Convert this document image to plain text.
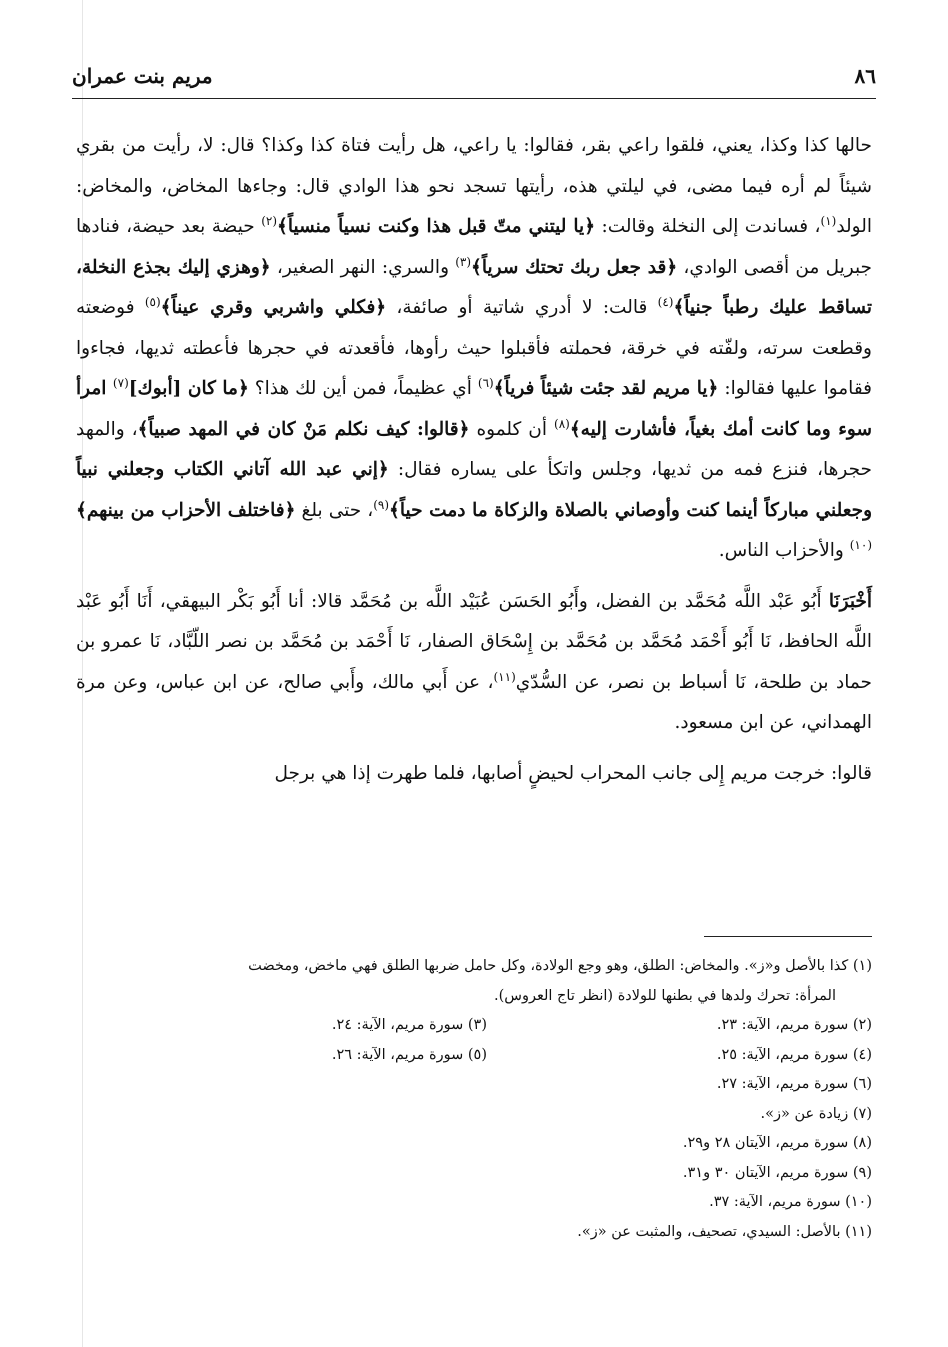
٨٦
مريم بنت عمران

حالها كذا وكذا، يعني، فلقوا راعي بقر، فقالوا: يا راعي، هل رأيت فتاة كذا وكذا؟ قال: لا، رأيت من بقري شيئاً لم أره فيما مضى، في ليلتي هذه، رأيتها تسجد نحو هذا الوادي قال: وجاءها المخاض، والمخاض: الولد$^{(١)}$، فساندت إلى النخلة وقالت: ﴿يا ليتني متّ قبل هذا وكنت نسياً منسياً﴾$^{(٢)}$ حيضة بعد حيضة، فنادها جبريل من أقصى الوادي، ﴿قد جعل ربك تحتك سرياً﴾$^{(٣)}$ والسري: النهر الصغير، ﴿وهزي إليك بجذع النخلة، تساقط عليك رطباً جنياً﴾$^{(٤)}$ قالت: لا أدري شاتية أو صائفة، ﴿فكلي واشربي وقري عيناً﴾$^{(٥)}$ فوضعته وقطعت سرته، ولفّته في خرقة، فحملته فأقبلوا حيث رأوها، فأقعدته في حجرها فأعطته ثديها، فجاءوا فقاموا عليها فقالوا: ﴿يا مريم لقد جئت شيئاً فرياً﴾$^{(٦)}$ أي عظيماً، فمن أين لك هذا؟ ﴿ما كان [أبوك]$^{(٧)}$ امرأ سوء وما كانت أمك بغياً، فأشارت إليه﴾$^{(٨)}$ أن كلموه ﴿قالوا: كيف نكلم مَنْ كان في المهد صبياً﴾، والمهد حجرها، فنزع فمه من ثديها، وجلس واتكأ على يساره فقال: ﴿إني عبد الله آتاني الكتاب وجعلني نبياً وجعلني مباركاً أينما كنت وأوصاني بالصلاة والزكاة ما دمت حياً﴾$^{(٩)}$، حتى بلغ ﴿فاختلف الأحزاب من بينهم﴾$^{(١٠)}$ والأحزاب الناس.

أَخْبَرَنَا أَبُو عَبْد اللَّه مُحَمَّد بن الفضل، وأَبُو الحَسَن عُبَيْد اللَّه بن مُحَمَّد قالا: أنا أَبُو بَكْر البيهقي، أَنَا أَبُو عَبْد اللَّه الحافظ، نَا أَبُو أَحْمَد مُحَمَّد بن مُحَمَّد بن إِسْحَاق الصفار، نَا أَحْمَد بن مُحَمَّد بن نصر اللّبَّاد، نَا عمرو بن حماد بن طلحة، نَا أسباط بن نصر، عن السُّدّي$^{(١١)}$، عن أَبي مالك، وأَبي صالح، عن ابن عباس، وعن مرة الهمداني، عن ابن مسعود.

قالوا: خرجت مريم إِلى جانب المحراب لحيضٍ أصابها، فلما طهرت إذا هي برجل

(١) كذا بالأصل و«ز». والمخاض: الطلق، وهو وجع الولادة، وكل حامل ضربها الطلق فهي ماخض، ومخضت
المرأة: تحرك ولدها في بطنها للولادة (انظر تاج العروس).
(٢) سورة مريم، الآية: ٢٣.
(٣) سورة مريم، الآية: ٢٤.
(٤) سورة مريم، الآية: ٢٥.
(٥) سورة مريم، الآية: ٢٦.
(٦) سورة مريم، الآية: ٢٧.
(٧) زيادة عن «ز».
(٨) سورة مريم، الآيتان ٢٨ و٢٩.
(٩) سورة مريم، الآيتان ٣٠ و٣١.
(١٠) سورة مريم، الآية: ٣٧.
(١١) بالأصل: السيدي، تصحيف، والمثبت عن «ز».
